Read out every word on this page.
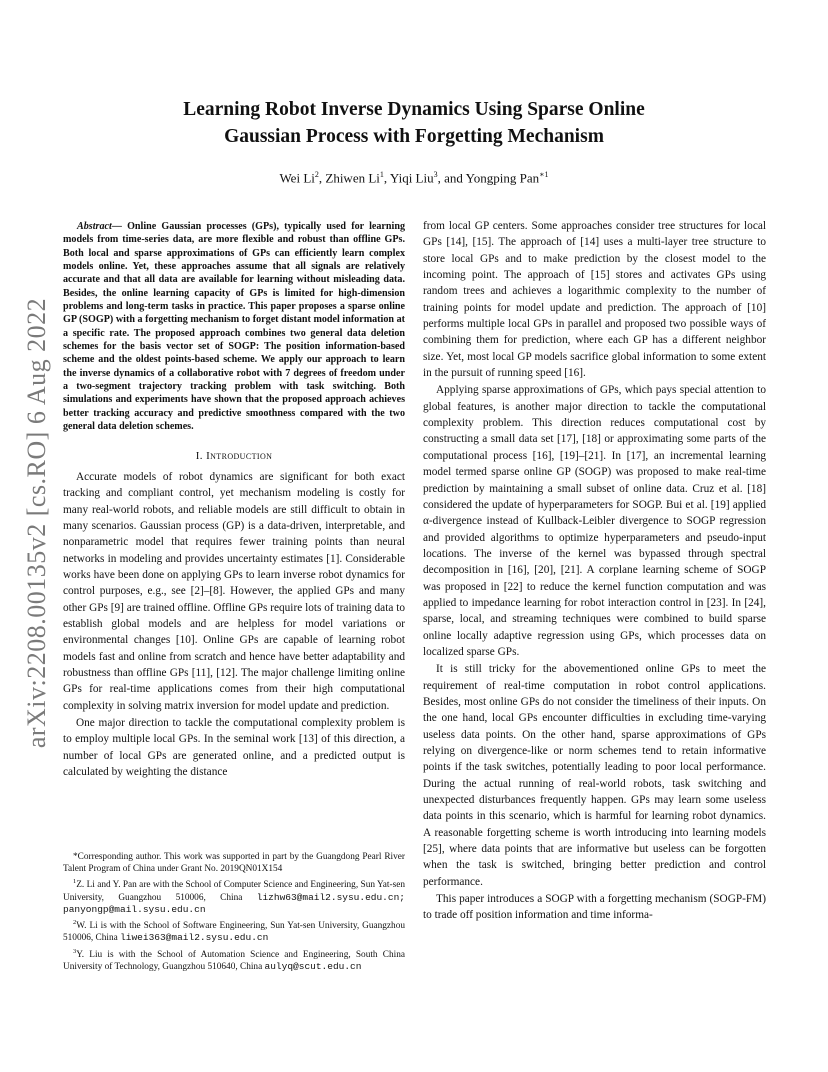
arXiv:2208.00135v2 [cs.RO] 6 Aug 2022
Learning Robot Inverse Dynamics Using Sparse Online
Gaussian Process with Forgetting Mechanism
Wei Li$^2$, Zhiwen Li$^1$, Yiqi Liu$^3$, and Yongping Pan$^{∗1}$

Abstract— Online Gaussian processes (GPs), typically used for learning models from time-series data, are more flexible and robust than offline GPs. Both local and sparse approximations of GPs can efficiently learn complex models online. Yet, these approaches assume that all signals are relatively accurate and that all data are available for learning without misleading data. Besides, the online learning capacity of GPs is limited for high-dimension problems and long-term tasks in practice. This paper proposes a sparse online GP (SOGP) with a forgetting mechanism to forget distant model information at a specific rate. The proposed approach combines two general data deletion schemes for the basis vector set of SOGP: The position information-based scheme and the oldest points-based scheme. We apply our approach to learn the inverse dynamics of a collaborative robot with 7 degrees of freedom under a two-segment trajectory tracking problem with task switching. Both simulations and experiments have shown that the proposed approach achieves better tracking accuracy and predictive smoothness compared with the two general data deletion schemes.

I. Introduction

Accurate models of robot dynamics are significant for both exact tracking and compliant control, yet mechanism modeling is costly for many real-world robots, and reliable models are still difficult to obtain in many scenarios. Gaussian process (GP) is a data-driven, interpretable, and nonparametric model that requires fewer training points than neural networks in modeling and provides uncertainty estimates [1]. Considerable works have been done on applying GPs to learn inverse robot dynamics for control purposes, e.g., see [2]–[8]. However, the applied GPs and many other GPs [9] are trained offline. Offline GPs require lots of training data to establish global models and are helpless for model variations or environmental changes [10]. Online GPs are capable of learning robot models fast and online from scratch and hence have better adaptability and robustness than offline GPs [11], [12]. The major challenge limiting online GPs for real-time applications comes from their high computational complexity in solving matrix inversion for model update and prediction.

One major direction to tackle the computational complexity problem is to employ multiple local GPs. In the seminal work [13] of this direction, a number of local GPs are generated online, and a predicted output is calculated by weighting the distance

*Corresponding author. This work was supported in part by the Guangdong Pearl River Talent Program of China under Grant No. 2019QN01X154

$^1$Z. Li and Y. Pan are with the School of Computer Science and Engineering, Sun Yat-sen University, Guangzhou 510006, China lizhw63@mail2.sysu.edu.cn; panyongp@mail.sysu.edu.cn

$^2$W. Li is with the School of Software Engineering, Sun Yat-sen University, Guangzhou 510006, China liwei363@mail2.sysu.edu.cn

$^3$Y. Liu is with the School of Automation Science and Engineering, South China University of Technology, Guangzhou 510640, China aulyq@scut.edu.cn

from local GP centers. Some approaches consider tree structures for local GPs [14], [15]. The approach of [14] uses a multi-layer tree structure to store local GPs and to make prediction by the closest model to the incoming point. The approach of [15] stores and activates GPs using random trees and achieves a logarithmic complexity to the number of training points for model update and prediction. The approach of [10] performs multiple local GPs in parallel and proposed two possible ways of combining them for prediction, where each GP has a different neighbor size. Yet, most local GP models sacrifice global information to some extent in the pursuit of running speed [16].

Applying sparse approximations of GPs, which pays special attention to global features, is another major direction to tackle the computational complexity problem. This direction reduces computational cost by constructing a small data set [17], [18] or approximating some parts of the computational process [16], [19]–[21]. In [17], an incremental learning model termed sparse online GP (SOGP) was proposed to make real-time prediction by maintaining a small subset of online data. Cruz et al. [18] considered the update of hyperparameters for SOGP. Bui et al. [19] applied α-divergence instead of Kullback-Leibler divergence to SOGP regression and provided algorithms to optimize hyperparameters and pseudo-input locations. The inverse of the kernel was bypassed through spectral decomposition in [16], [20], [21]. A corplane learning scheme of SOGP was proposed in [22] to reduce the kernel function computation and was applied to impedance learning for robot interaction control in [23]. In [24], sparse, local, and streaming techniques were combined to build sparse online locally adaptive regression using GPs, which processes data on localized sparse GPs.

It is still tricky for the abovementioned online GPs to meet the requirement of real-time computation in robot control applications. Besides, most online GPs do not consider the timeliness of their inputs. On the one hand, local GPs encounter difficulties in excluding time-varying useless data points. On the other hand, sparse approximations of GPs relying on divergence-like or norm schemes tend to retain informative points if the task switches, potentially leading to poor local performance. During the actual running of real-world robots, task switching and unexpected disturbances frequently happen. GPs may learn some useless data points in this scenario, which is harmful for learning robot dynamics. A reasonable forgetting scheme is worth introducing into learning models [25], where data points that are informative but useless can be forgotten when the task is switched, bringing better prediction and control performance.

This paper introduces a SOGP with a forgetting mechanism (SOGP-FM) to trade off position information and time informa-
